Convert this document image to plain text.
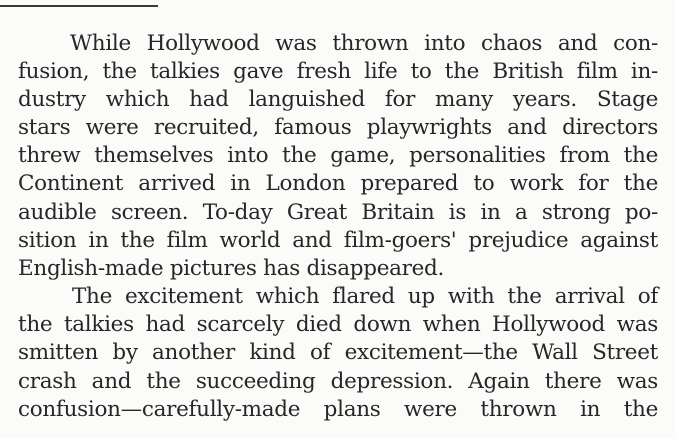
While Hollywood was thrown into chaos and con-
fusion, the talkies gave fresh life to the British film in-
dustry which had languished for many years. Stage
stars were recruited, famous playwrights and directors
threw themselves into the game, personalities from the
Continent arrived in London prepared to work for the
audible screen. To-day Great Britain is in a strong po-
sition in the film world and film-goers' prejudice against
English-made pictures has disappeared.
The excitement which flared up with the arrival of
the talkies had scarcely died down when Hollywood was
smitten by another kind of excitement—the Wall Street
crash and the succeeding depression. Again there was
confusion—carefully-made plans were thrown in the
